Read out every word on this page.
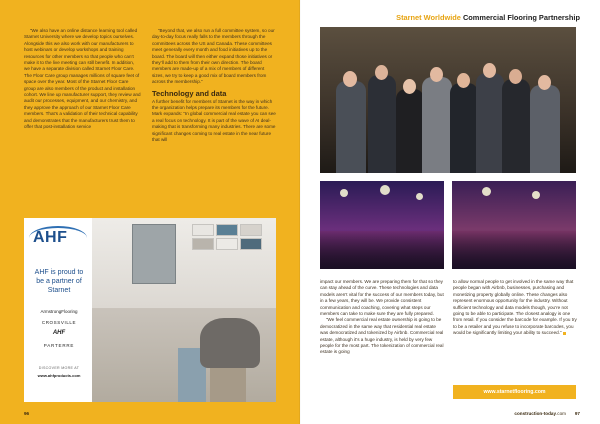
“We also have an online distance learning tool called Starnet University where we develop topics ourselves. Alongside this we also work with our manufacturers to host webinars or develop workshops and training resources for other members so that people who can’t make it to the live meeting can still benefit. In addition, we have a separate division called Starnet Floor Care. The Floor Care group manages millions of square feet of space over the year. Most of the Starnet Floor Care group are also members of the product and installation cohort. We line up manufacturer support, they review and audit our processes, equipment, and our chemistry, and they approve the approach of our Starnet Floor Care members. That’s a validation of their technical capability and demonstrates that the manufacturers trust them to offer that post-installation service

“Beyond that, we also run a full committee system, so our day-to-day focus really falls to the members through the committees across the US and Canada. These committees meet generally every month and food initiatives up to the board. The board will then either expand those initiatives or they’ll add to them from their own direction. The board members are made-up of a mix of members of different sizes, we try to keep a good mix of board members from across the membership.”

Technology and data

A further benefit for members of Starnet is the way in which the organization helps prepare its members for the future. Mark expands: “In global commercial real estate you can see a real focus on technology. It is part of the wave of AI deal-making that is transforming many industries. There are some significant changes coming to real estate in the near future that will

AHF
AHF is proud to be a partner of Starnet
ArmstrongFlooring
CROSSVILLE
AHF
PARTERRE
DISCOVER MORE AT
www.ahfproducts.com
96
Starnet Worldwide Commercial Flooring Partnership

impact our members. We are preparing them for that so they can stay ahead of the curve. These technologies and data models aren’t vital for the success of our members today, but in a few years, they will be. We provide consistent communication and coaching, covering what steps our members can take to make sure they are fully prepared.

“We feel commercial real estate ownership is going to be democratized in the same way that residential real estate was democratized and tokenized by Airbnb. Commercial real estate, although it’s a huge industry, is held by very few people for the most part. The tokenization of commercial real estate is going

to allow normal people to get involved in the same way that people began with Airbnb, businesses, purchasing and monetizing property globally online. These changes also represent enormous opportunity for the industry. Without sufficient technology and data models though, you’re not going to be able to participate. The closest analogy is one from retail. If you consider the barcode for example. If you try to be a retailer and you refuse to incorporate barcodes, you would be significantly limiting your ability to succeed.”

www.starnetflooring.com
construction-today.com 97
